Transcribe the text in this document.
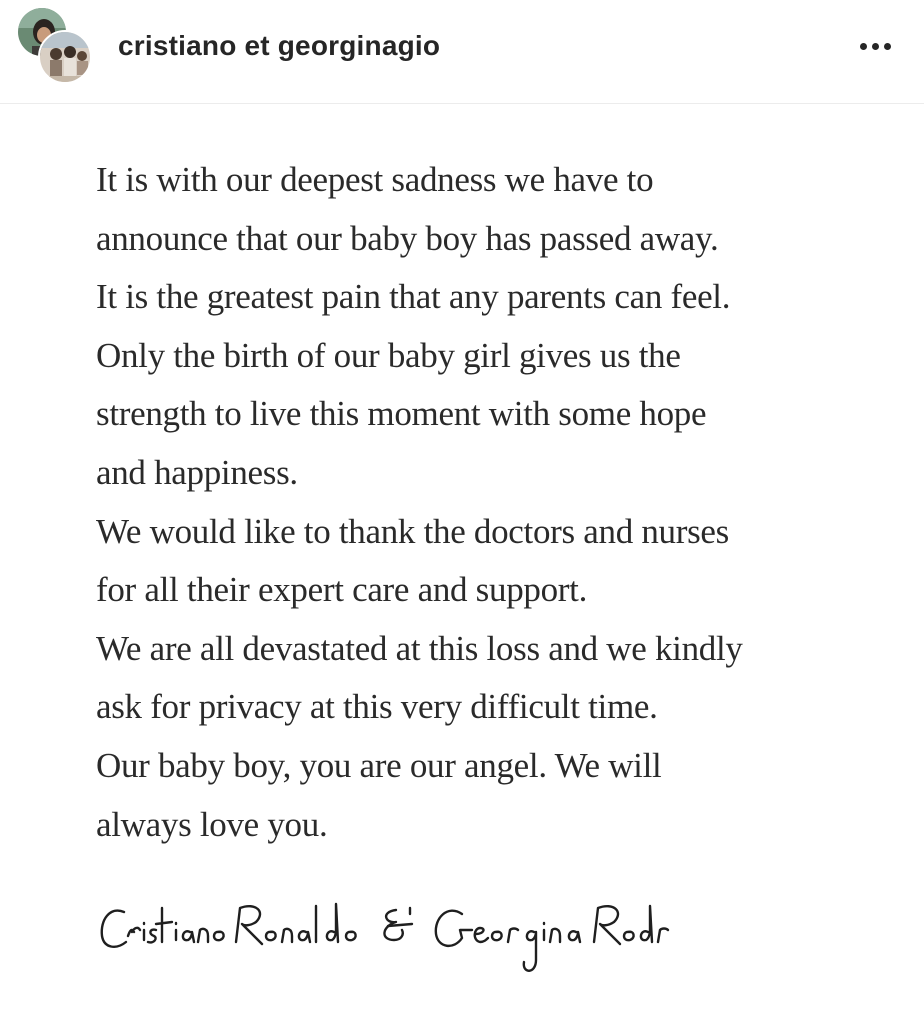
cristiano et georginagio
It is with our deepest sadness we have to
announce that our baby boy has passed away.
It is the greatest pain that any parents can feel.
Only the birth of our baby girl gives us the
strength to live this moment with some hope
and happiness.
We would like to thank the doctors and nurses
for all their expert care and support.
We are all devastated at this loss and we kindly
ask for privacy at this very difficult time.
Our baby boy, you are our angel. We will
always love you.
